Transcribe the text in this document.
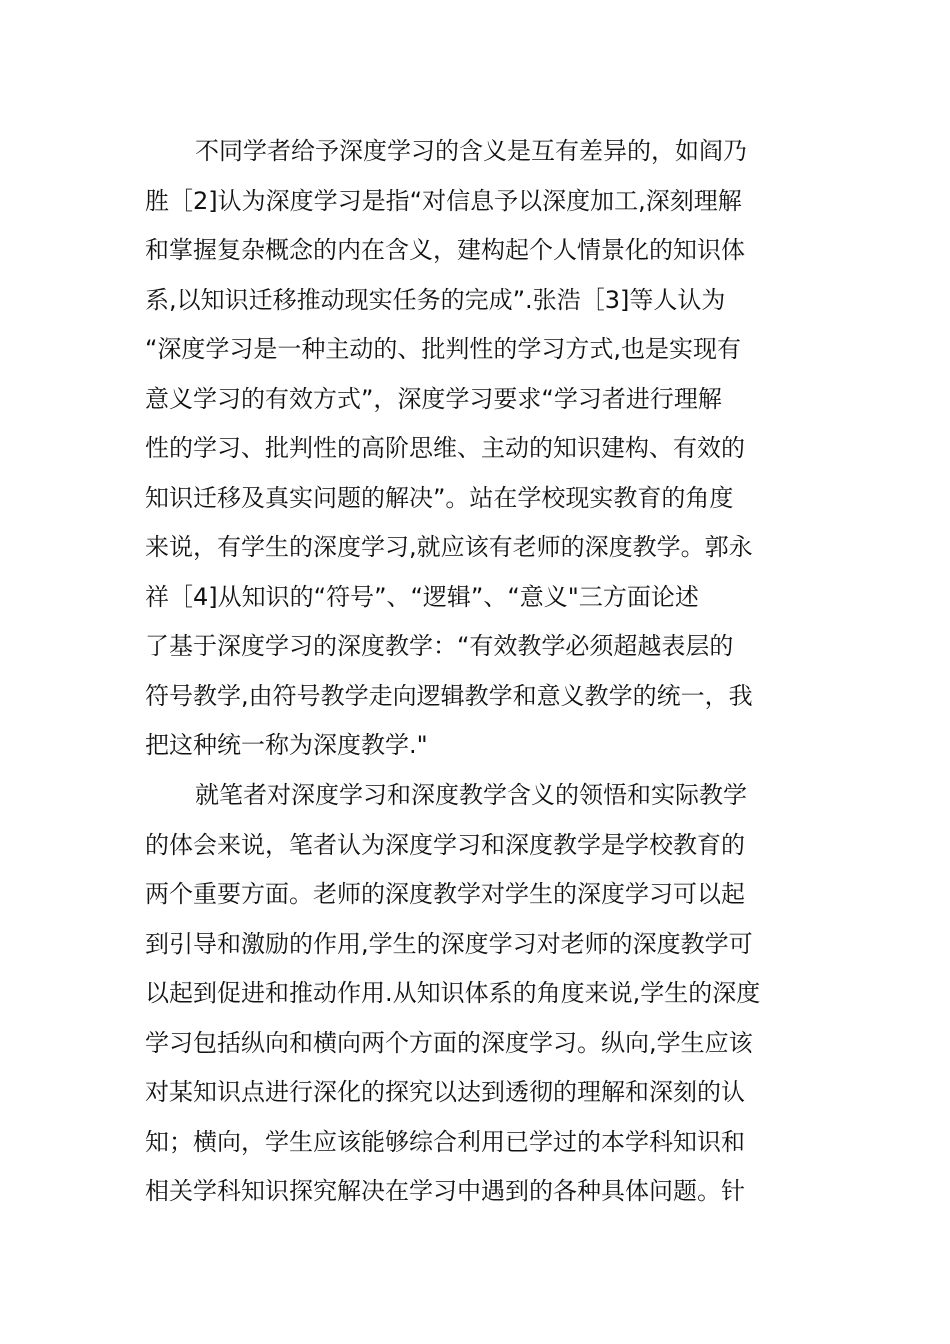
不同学者给予深度学习的含义是互有差异的，如阎乃
胜［2]认为深度学习是指“对信息予以深度加工,深刻理解
和掌握复杂概念的内在含义，建构起个人情景化的知识体
系,以知识迁移推动现实任务的完成”.张浩［3]等人认为
“深度学习是一种主动的、批判性的学习方式,也是实现有
意义学习的有效方式”，深度学习要求“学习者进行理解
性的学习、批判性的高阶思维、主动的知识建构、有效的
知识迁移及真实问题的解决”。站在学校现实教育的角度
来说，有学生的深度学习,就应该有老师的深度教学。郭永
祥［4]从知识的“符号”、“逻辑”、“意义"三方面论述
了基于深度学习的深度教学：“有效教学必须超越表层的
符号教学,由符号教学走向逻辑教学和意义教学的统一，我
把这种统一称为深度教学."
就笔者对深度学习和深度教学含义的领悟和实际教学
的体会来说，笔者认为深度学习和深度教学是学校教育的
两个重要方面。老师的深度教学对学生的深度学习可以起
到引导和激励的作用,学生的深度学习对老师的深度教学可
以起到促进和推动作用.从知识体系的角度来说,学生的深度
学习包括纵向和横向两个方面的深度学习。纵向,学生应该
对某知识点进行深化的探究以达到透彻的理解和深刻的认
知；横向，学生应该能够综合利用已学过的本学科知识和
相关学科知识探究解决在学习中遇到的各种具体问题。针
